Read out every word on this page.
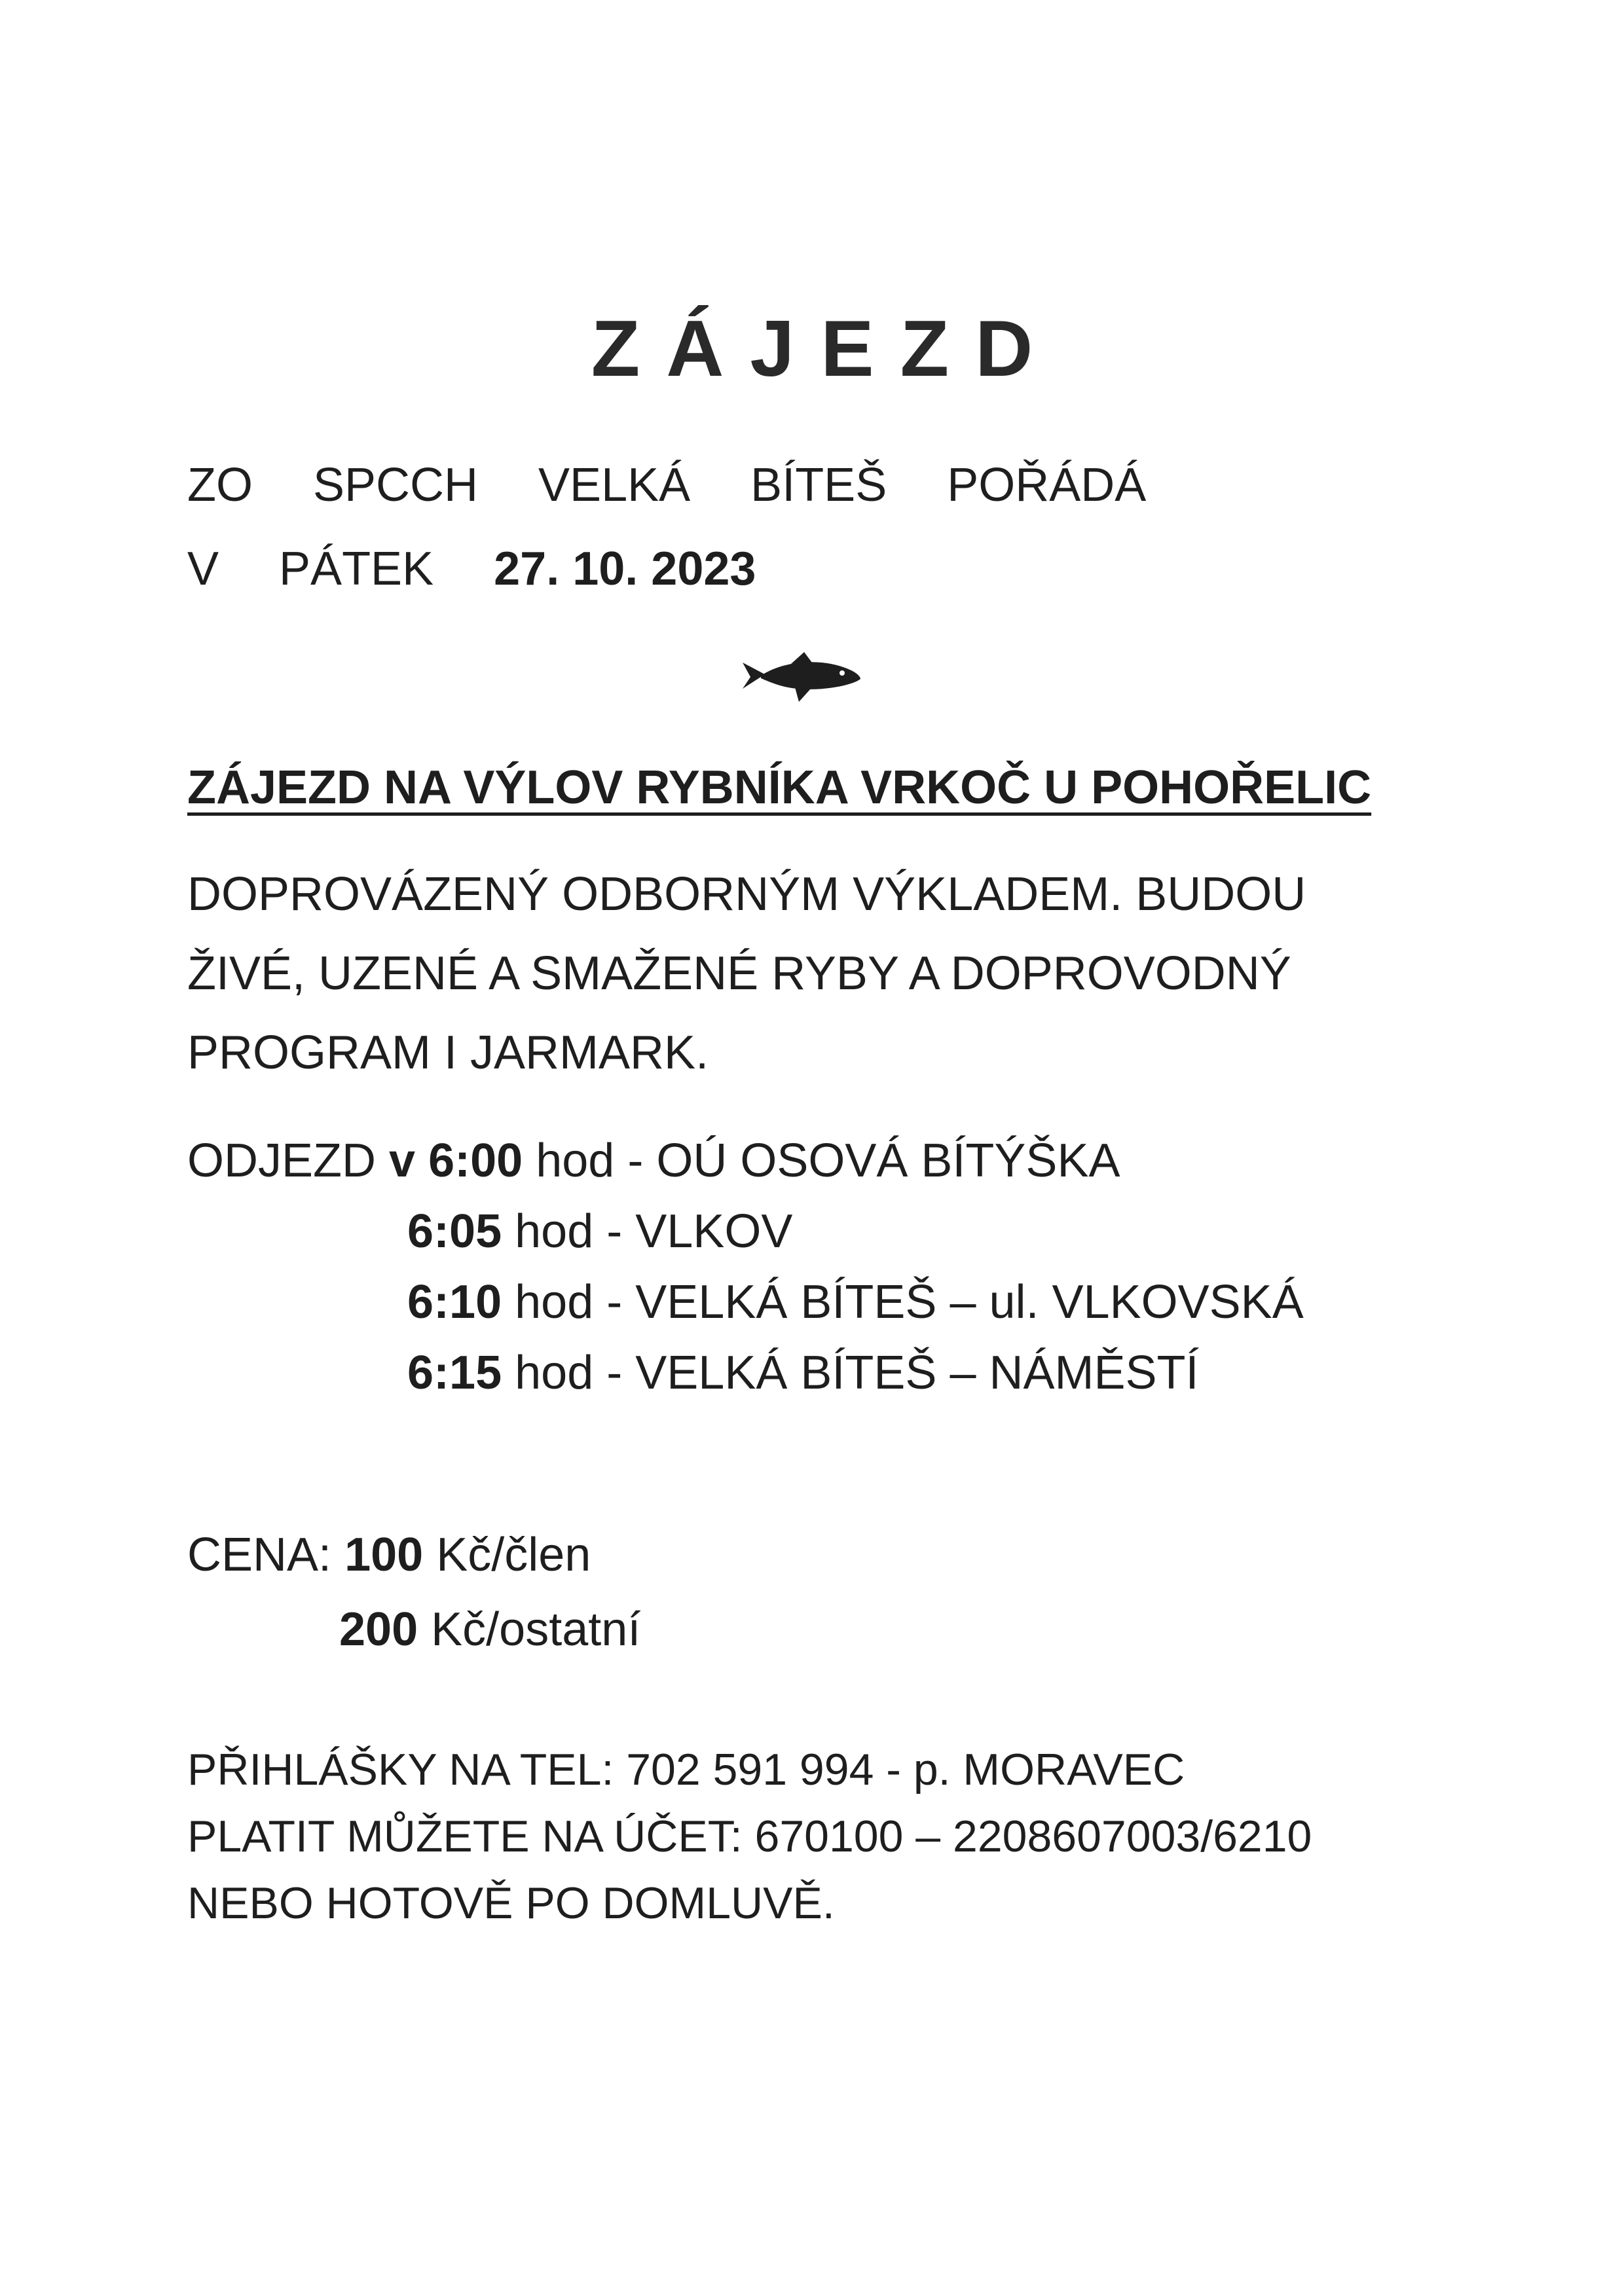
ZÁJEZD
ZO SPCCH VELKÁ BÍTEŠ POŘÁDÁ
V PÁTEK 27. 10. 2023
ZÁJEZD NA VÝLOV RYBNÍKA VRKOČ U POHOŘELIC
DOPROVÁZENÝ ODBORNÝM VÝKLADEM. BUDOU
ŽIVÉ, UZENÉ A SMAŽENÉ RYBY A DOPROVODNÝ
PROGRAM I JARMARK.
ODJEZD v 6:00 hod - OÚ OSOVÁ BÍTÝŠKA
6:05 hod - VLKOV
6:10 hod - VELKÁ BÍTEŠ – ul. VLKOVSKÁ
6:15 hod - VELKÁ BÍTEŠ – NÁMĚSTÍ
CENA: 100 Kč/člen
200 Kč/ostatní
PŘIHLÁŠKY NA TEL: 702 591 994 - p. MORAVEC
PLATIT MŮŽETE NA ÚČET: 670100 – 2208607003/6210
NEBO HOTOVĚ PO DOMLUVĚ.
